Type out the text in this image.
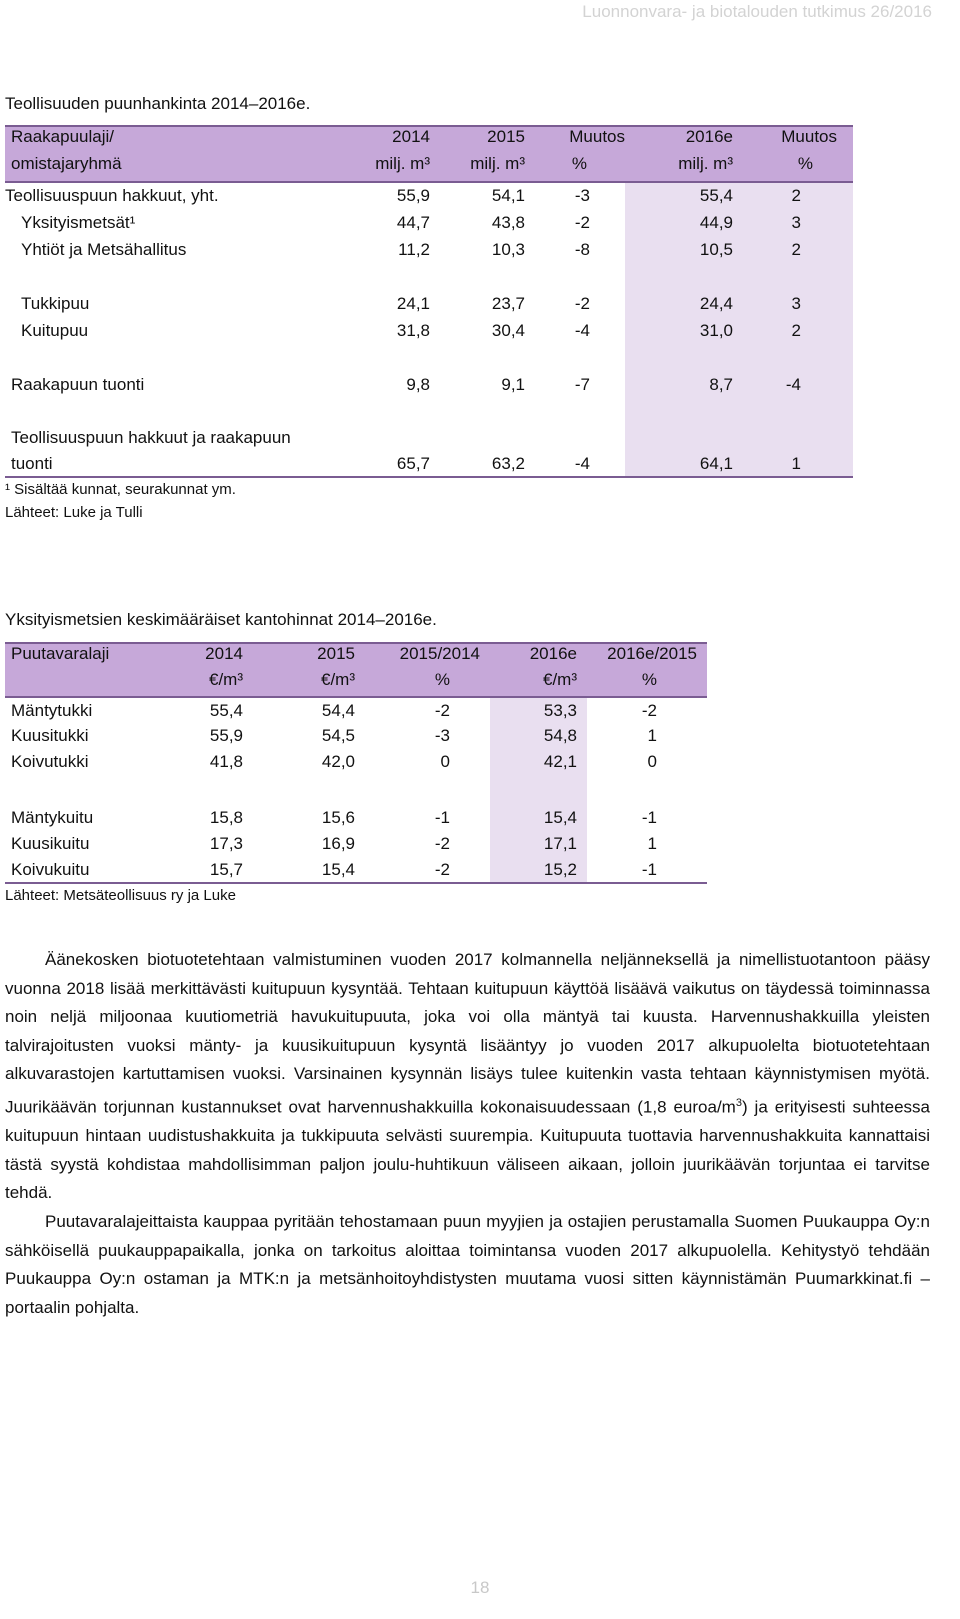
Luonnonvara- ja biotalouden tutkimus 26/2016
Teollisuuden puunhankinta 2014–2016e.
Raakapuulaji/	2014	2015	Muutos	2016e	Muutos
omistajaryhmä	milj. m³	milj. m³	%	milj. m³	%
Teollisuuspuun hakkuut, yht.	55,9	54,1	-3	55,4	2
Yksityismetsät¹	44,7	43,8	-2	44,9	3
Yhtiöt ja Metsähallitus	11,2	10,3	-8	10,5	2

Tukkipuu	24,1	23,7	-2	24,4	3
Kuitupuu	31,8	30,4	-4	31,0	2

Raakapuun tuonti	9,8	9,1	-7	8,7	-4

Teollisuuspuun hakkuut ja raakapuun					
tuonti	65,7	63,2	-4	64,1	1
¹ Sisältää kunnat, seurakunnat ym.
Lähteet: Luke ja Tulli
Yksityismetsien keskimääräiset kantohinnat 2014–2016e.
Puutavaralaji	2014	2015	2015/2014	2016e	2016e/2015
	€/m³	€/m³	%	€/m³	%
Mäntytukki	55,4	54,4	-2	53,3	-2
Kuusitukki	55,9	54,5	-3	54,8	1
Koivutukki	41,8	42,0	0	42,1	0

Mäntykuitu	15,8	15,6	-1	15,4	-1
Kuusikuitu	17,3	16,9	-2	17,1	1
Koivukuitu	15,7	15,4	-2	15,2	-1
Lähteet: Metsäteollisuus ry ja Luke

Äänekosken biotuotetehtaan valmistuminen vuoden 2017 kolmannella neljänneksellä ja nimellistuotantoon pääsy vuonna 2018 lisää merkittävästi kuitupuun kysyntää. Tehtaan kuitupuun käyttöä lisäävä vaikutus on täydessä toiminnassa noin neljä miljoonaa kuutiometriä havukuitupuuta, joka voi olla mäntyä tai kuusta. Harvennushakkuilla yleisten talvirajoitusten vuoksi mänty- ja kuusikuitupuun kysyntä lisääntyy jo vuoden 2017 alkupuolelta biotuotetehtaan alkuvarastojen kartuttamisen vuoksi. Varsinainen kysynnän lisäys tulee kuitenkin vasta tehtaan käynnistymisen myötä. Juurikäävän torjunnan kustannukset ovat harvennushakkuilla kokonaisuudessaan (1,8 euroa/$m^3$) ja erityisesti suhteessa kuitupuun hintaan uudistushakkuita ja tukkipuuta selvästi suurempia. Kuitupuuta tuottavia harvennushakkuita kannattaisi tästä syystä kohdistaa mahdollisimman paljon joulu-huhtikuun väliseen aikaan, jolloin juurikäävän torjuntaa ei tarvitse tehdä.

Puutavaralajeittaista kauppaa pyritään tehostamaan puun myyjien ja ostajien perustamalla Suomen Puukauppa Oy:n sähköisellä puukauppapaikalla, jonka on tarkoitus aloittaa toimintansa vuoden 2017 alkupuolella. Kehitystyö tehdään Puukauppa Oy:n ostaman ja MTK:n ja metsänhoitoyhdistysten muutama vuosi sitten käynnistämän Puumarkkinat.fi –portaalin pohjalta.

18
